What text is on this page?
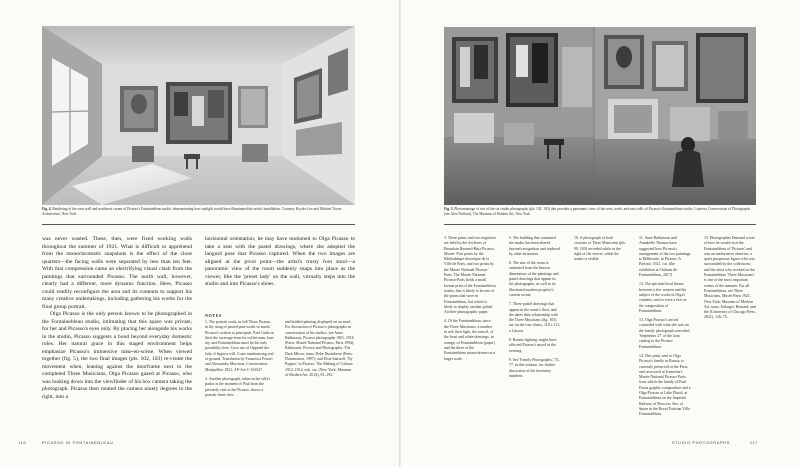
Fig. 4. Rendering of the west wall and northwest corner of Picasso's Fontainebleau studio, demonstrating how sunlight would have illuminated the artist's installation. Courtesy Kiyoko Lee and Michael Tower, Architecture, New York
Fig. 5. Photomontage of two of the six studio photographs (pls. 102, 103) that provides a panoramic view of the west, north, and east walls of Picasso's Fontainebleau studio. Courtesy Conservation of Photographs (see Alex Duffour), The Museum of Modern Art, New York

was never wasted. These, then, were fixed working walls throughout the summer of 1921. What is difficult to apprehend from the monochromatic snapshots is the effect of the close quarters—the facing walls were separated by less than ten feet. With that compression came an electrifying visual clash from the paintings that surrounded Picasso. The north wall, however, clearly had a different, more dynamic function. Here, Picasso could readily reconfigure the area and its contents to support his many creative undertakings, including gathering his works for the final group portrait.

Olga Picasso is the only person known to be photographed in the Fontainebleau studio, intimating that this space was private, for her and Picasso's eyes only. By placing her alongside his works in the studio, Picasso suggests a bond beyond everyday domestic roles. Her natural grace in this staged environment helps emphasize Picasso's immersive mise-en-scène. When viewed together (fig. 5), the two final images (pls. 102, 103) re-create the movement when, leaning against the doorframe next to the completed Three Musicians, Olga Picasso gazed at Picasso, who was looking down into the viewfinder of his box camera taking the photograph. Picasso then rotated the camera ninety degrees to the right, into a

horizontal orientation; he may have motioned to Olga Picasso to take a seat with the pastel drawings, where she adopted the languid pose that Picasso captured. When the two images are aligned at the pivot point—the artist's trusty foot stool—a panoramic view of the room suddenly snaps into place as the viewer, like the 'preset lady' on the wall, virtually steps into the studio and into Picasso's shoes.

NOTES

1. The portrait work, in full 'Deux Picasso, in thy sting of pasted pine worth so much,' Picasso's written to principals. Paul Guth on their the caravage-term for coffee-man, bars ray, and Fontainebleau must be the only possibility here. Groo use of Oppenel the lady, if begin a will. Coats unadvancing real of ground. Translation by Francesca Ferrari and Alessandro Morrison, Conversation, Montpellier 1921, AP-Art-C-161627.

2. Another photograph, taken in the villa's parlor at the moment of Paul from the privately visit to the Picasso, shows a portrait sheet view

and bridled painting displayed on an easel. For discussion of Picasso's photographs in conversation of his studios, see Anne Baldassari, Picasso photographe 1901–1916 (Paris: Musée National Picasso, Paris 1994); Baldassari, Picasso and Photography: The Dark Mirror, trans. Deke Dusinberre (Paris: Flammarion, 1997); and Elsie Starnoff, 'Ny Pupper,' in Picasso: The Making of Cubism 1912–1914, exh. cat. (New York: Museum of Modern Art, 2014), 81–193.

3. These prints and two negatives are held by the Archives of Beaudoin Bernard-Ruiz Picasso, Musée. Five prints by the Bibliothèque historique de la Ville de Paris, and two prints by the Musée National Picasso-Paris. The Musée National Picasso-Paris holds a small format print of the Fontainebleau studio; that is likely to be one of the prints that were in Fontainebleau, but which is likely to display another global Archive photographic paper.

4. Of the Fontainebleau, since the Three Musicians, a number in red; their light, the stencil, of the front and white drawings, in orange, of Fontainebleau (paper) and the three of the Fontainebleau monochrome on a larger scale.

5. The building that contained the studio has been altered beyond recognition and replaced by other structures.

6. The size of the room is estimated from the known dimensions of the paintings and pastel drawings that appear in the photographs, as well as its illustrated modern property's current owner.

7. These pastel drawings that appear in the room's floor, and the dates their relationship with the Three Musicians (fig. 103) are on the four chairs, 118 x 111, x Carson.

8. Rooms lighting, might have affected Picasso's mood in the evening.

9. See 'Family Photographs,' 75–77, in this volume, for further discussion of the inventory numbers.

10. A photograph of both versions of Three Musicians (pls. 99, 100) recorded while in the right of the viewer, while the studio is visible.

11. Anne Baldassari and Annabelle Thomas have suggested how Picasso's arrangement of the two paintings is Deliberate, in Picasso: A Portrait, 1921, cat. (the exhibition at Château de Fontainebleau, 2017).

12. The spiritual local theme between a few women and the subject of the works in Olga's contents, and so were a fire on the composition of Fontainebleau.

13. Olga Picasso's arrival coincided with what she was on the family photograph consulted 'September 27' of the loan catalog to the Picasso Fontainebleau.

14. This print, sent to Olga Picasso's family in Russia, is currently preserved at the Paris, and recovered at Ivanovna's Musée National Picasso-Paris, from which the family of Paul Duras graphic composition and a Olga Picasso at Lake Placid, at Fontainebleau on the Imperial Railway of Moscow. See, of Spain in the Royal Parisian Villa Fontainebleau.

15. Photographer Demand wrote of how he would visit the Fontainebleau of 'Pictures' and was an unobtrusive observer, a quiet prosperous figure who was surrounded by the collections; and the artist who worked on the Fontainebleau 'Three Musicians' is one of the most important events of the summer. For all Fontainebleau, see Three Musicians, Musée Paris 1921, New York: Museum of Modern Art, trans. Enlarger, Bernard, and the (University of Chicago Press, 2021), 126–75.

116	PICASSO IN FONTAINEBLEAU	STUDIO PHOTOGRAPHS	117
